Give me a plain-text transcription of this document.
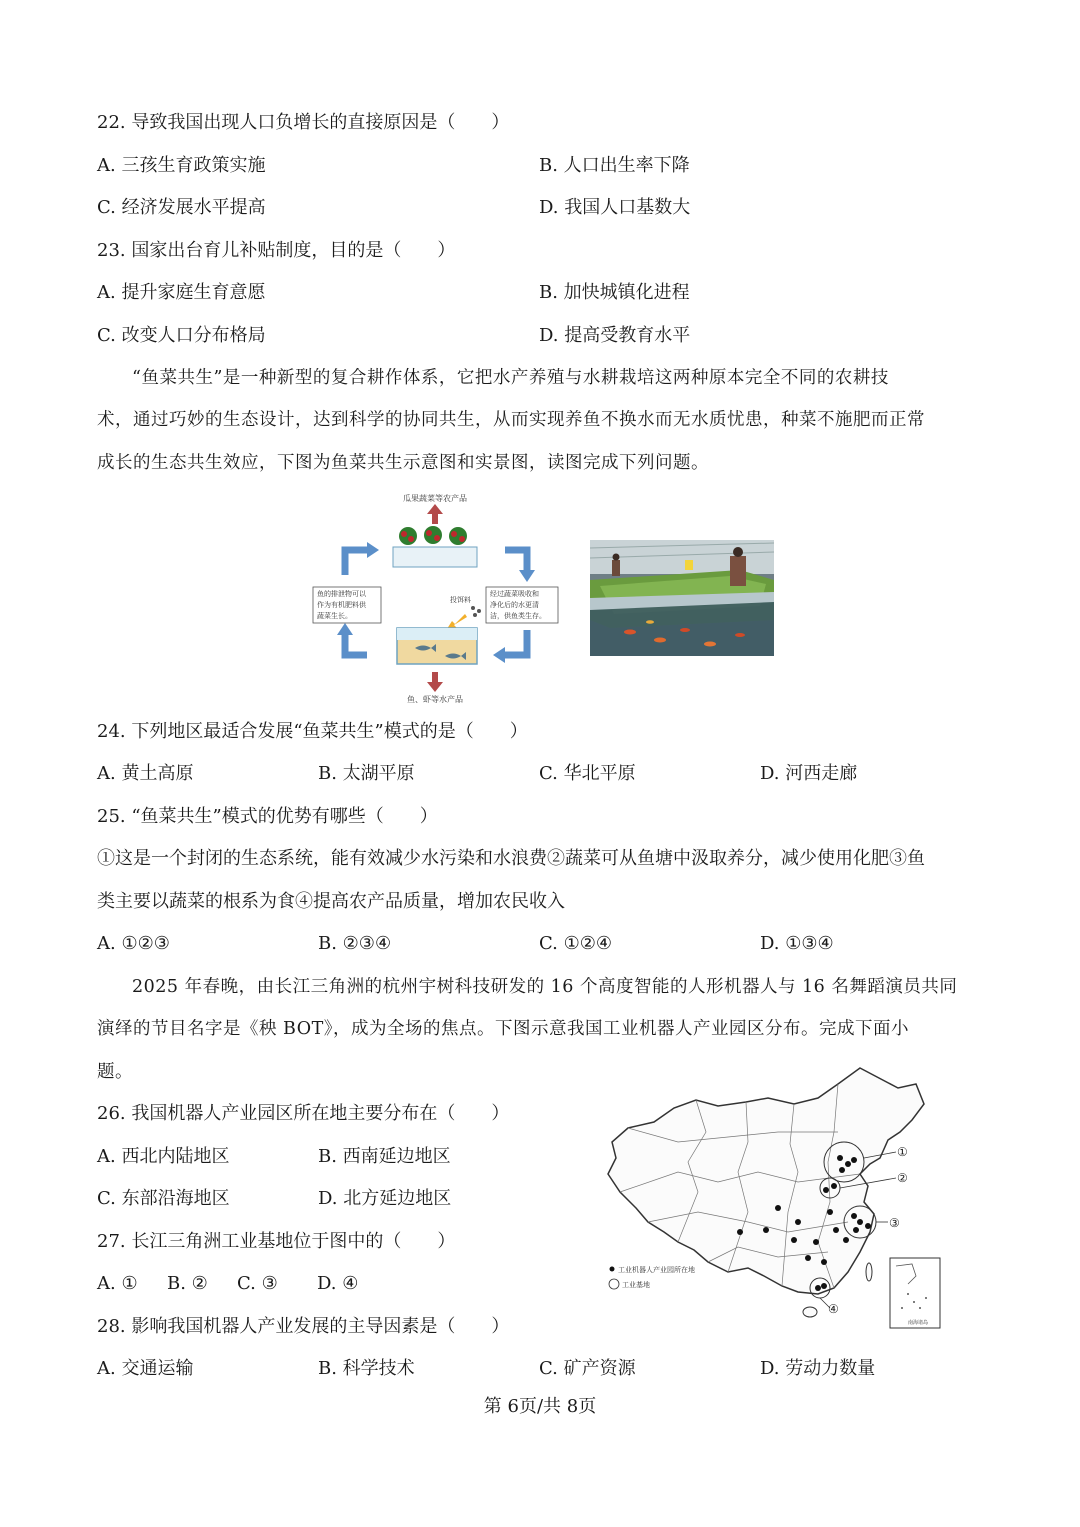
22. 导致我国出现人口负增长的直接原因是（　　）
A. 三孩生育政策实施	B. 人口出生率下降
C. 经济发展水平提高	D. 我国人口基数大
23. 国家出台育儿补贴制度，目的是（　　）
A. 提升家庭生育意愿	B. 加快城镇化进程
C. 改变人口分布格局	D. 提高受教育水平
“鱼菜共生”是一种新型的复合耕作体系，它把水产养殖与水耕栽培这两种原本完全不同的农耕技
术，通过巧妙的生态设计，达到科学的协同共生，从而实现养鱼不换水而无水质忧患，种菜不施肥而正常
成长的生态共生效应，下图为鱼菜共生示意图和实景图，读图完成下列问题。
瓜果蔬菜等农产品
鱼的排泄物可以
作为有机肥料供
蔬菜生长。
经过蔬菜吸收和
净化后的水更清
洁，供鱼类生存。
投饵料
鱼、虾等水产品
24. 下列地区最适合发展“鱼菜共生”模式的是（　　）
A. 黄土高原	B. 太湖平原	C. 华北平原	D. 河西走廊
25. “鱼菜共生”模式的优势有哪些（　　）
①这是一个封闭的生态系统，能有效减少水污染和水浪费②蔬菜可从鱼塘中汲取养分，减少使用化肥③鱼
类主要以蔬菜的根系为食④提高农产品质量，增加农民收入
A. ①②③	B. ②③④	C. ①②④	D. ①③④
2025 年春晚，由长江三角洲的杭州宇树科技研发的 16 个高度智能的人形机器人与 16 名舞蹈演员共同
演绎的节目名字是《秧 BOT》，成为全场的焦点。下图示意我国工业机器人产业园区分布。完成下面小
题。
26. 我国机器人产业园区所在地主要分布在（　　）
A. 西北内陆地区	B. 西南延边地区
C. 东部沿海地区	D. 北方延边地区
27. 长江三角洲工业基地位于图中的（　　）
A. ① B. ② C. ③ D. ④
①
②
③
④
工业机器人产业园所在地
工业基地
南海诸岛
28. 影响我国机器人产业发展的主导因素是（　　）
A. 交通运输	B. 科学技术	C. 矿产资源	D. 劳动力数量
第 6页/共 8页
